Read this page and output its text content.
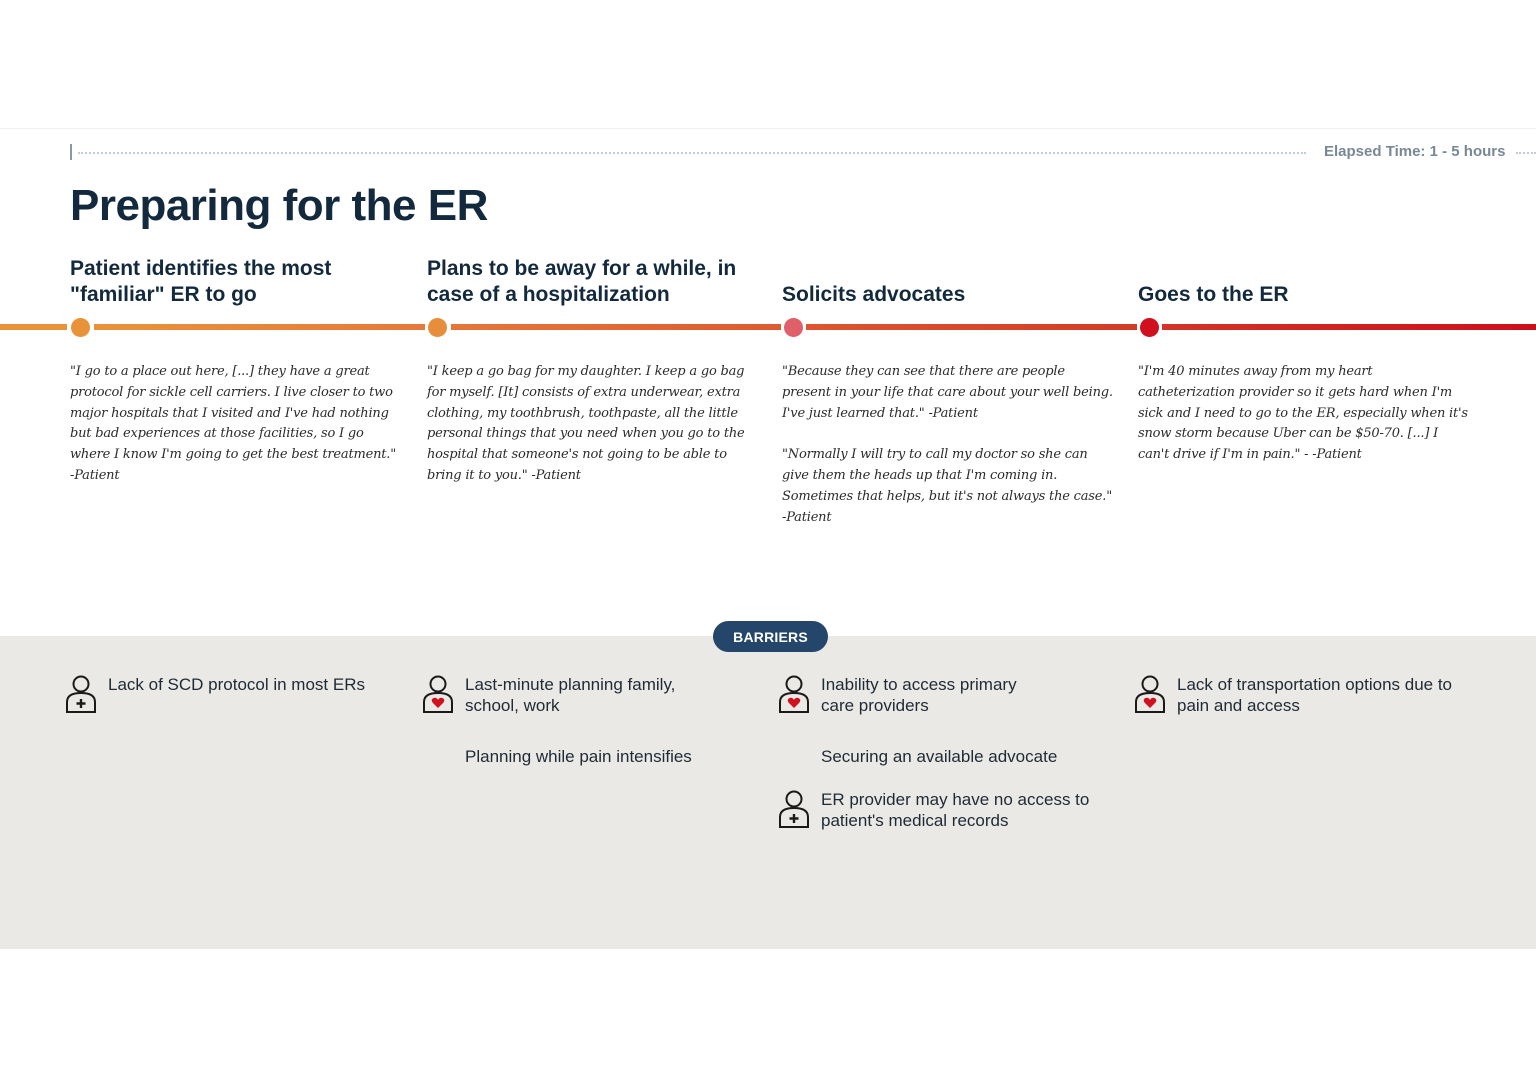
Elapsed Time: 1 - 5 hours
Preparing for the ER
Patient identifies the most "familiar" ER to go
Plans to be away for a while, in case of a hospitalization	Solicits advocates	Goes to the ER

"I go to a place out here, [...] they have a great protocol for sickle cell carriers. I live closer to two major hospitals that I visited and I've had nothing but bad experiences at those facilities, so I go where I know I'm going to get the best treatment." -Patient

"I keep a go bag for my daughter. I keep a go bag for myself. [It] consists of extra underwear, extra clothing, my toothbrush, toothpaste, all the little personal things that you need when you go to the hospital that someone's not going to be able to bring it to you." -Patient

"Because they can see that there are people present in your life that care about your well being. I've just learned that." -Patient

"Normally I will try to call my doctor so she can give them the heads up that I'm coming in. Sometimes that helps, but it's not always the case." -Patient

"I'm 40 minutes away from my heart catheterization provider so it gets hard when I'm sick and I need to go to the ER, especially when it's snow storm because Uber can be $50-70. [...] I can't drive if I'm in pain." - -Patient

BARRIERS
Lack of SCD protocol in most ERs	Last-minute planning family, school, work
Planning while pain intensifies
Inability to access primary care providers
Securing an available advocate
ER provider may have no access to patient's medical records
Lack of transportation options due to pain and access
